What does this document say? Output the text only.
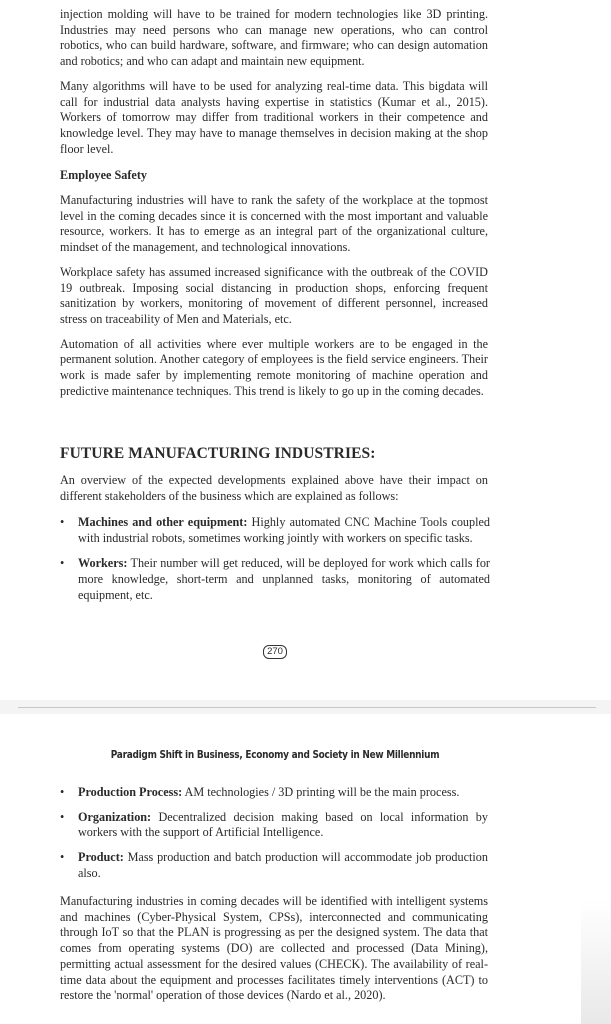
injection molding will have to be trained for modern technologies like 3D printing. Industries may need persons who can manage new operations, who can control robotics, who can build hardware, software, and firmware; who can design automation and robotics; and who can adapt and maintain new equipment.

Many algorithms will have to be used for analyzing real-time data. This bigdata will call for industrial data analysts having expertise in statistics (Kumar et al., 2015). Workers of tomorrow may differ from traditional workers in their competence and knowledge level. They may have to manage themselves in decision making at the shop floor level.

Employee Safety

Manufacturing industries will have to rank the safety of the workplace at the topmost level in the coming decades since it is concerned with the most important and valuable resource, workers. It has to emerge as an integral part of the organizational culture, mindset of the management, and technological innovations.

Workplace safety has assumed increased significance with the outbreak of the COVID 19 outbreak. Imposing social distancing in production shops, enforcing frequent sanitization by workers, monitoring of movement of different personnel, increased stress on traceability of Men and Materials, etc.

Automation of all activities where ever multiple workers are to be engaged in the permanent solution. Another category of employees is the field service engineers. Their work is made safer by implementing remote monitoring of machine operation and predictive maintenance techniques. This trend is likely to go up in the coming decades.

FUTURE MANUFACTURING INDUSTRIES:

An overview of the expected developments explained above have their impact on different stakeholders of the business which are explained as follows:

• Machines and other equipment: Highly automated CNC Machine Tools coupled with industrial robots, sometimes working jointly with workers on specific tasks.
• Workers: Their number will get reduced, will be deployed for work which calls for more knowledge, short-term and unplanned tasks, monitoring of automated equipment, etc.
270
Paradigm Shift in Business, Economy and Society in New Millennium
• Production Process: AM technologies / 3D printing will be the main process.
• Organization: Decentralized decision making based on local information by workers with the support of Artificial Intelligence.
• Product: Mass production and batch production will accommodate job production also.

Manufacturing industries in coming decades will be identified with intelligent systems and machines (Cyber-Physical System, CPSs), interconnected and communicating through IoT so that the PLAN is progressing as per the designed system. The data that comes from operating systems (DO) are collected and processed (Data Mining), permitting actual assessment for the desired values (CHECK). The availability of real-time data about the equipment and processes facilitates timely interventions (ACT) to restore the 'normal' operation of those devices (Nardo et al., 2020).
